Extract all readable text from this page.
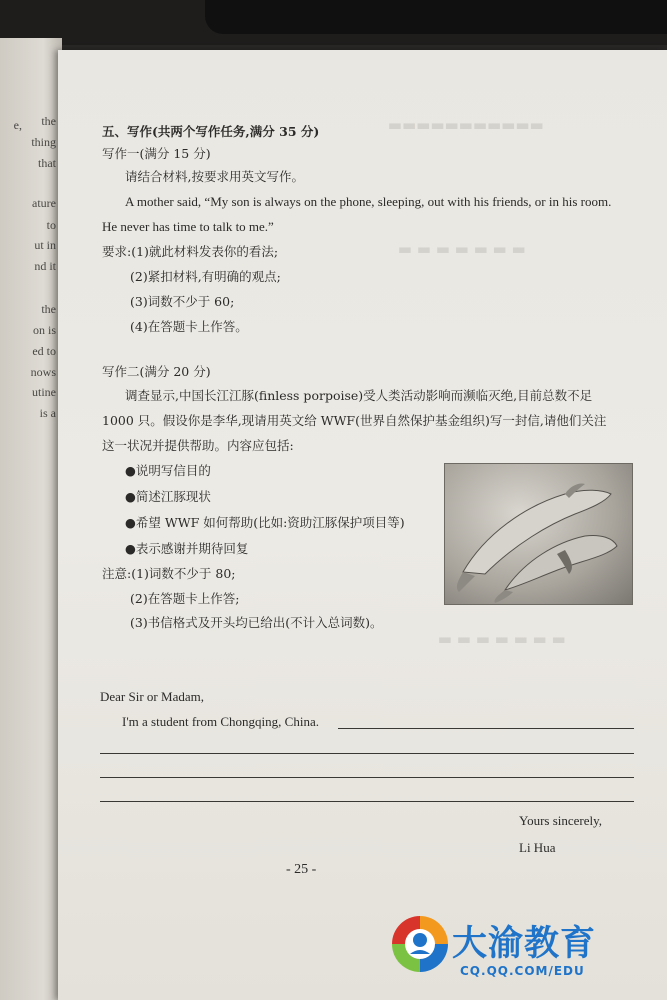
the
thing
that
ature
to
ut in
nd it
the
on is
ed to
nows
utine
is a
e,	▬▬▬▬▬▬▬▬▬▬▬
▬ ▬ ▬ ▬ ▬ ▬ ▬
▬ ▬ ▬ ▬ ▬ ▬ ▬
五、写作(共两个写作任务,满分 35 分)
写作一(满分 15 分)
请结合材料,按要求用英文写作。
A mother said, “My son is always on the phone, sleeping, out with his friends, or in his room.
He never has time to talk to me.”
要求:(1)就此材料发表你的看法;
(2)紧扣材料,有明确的观点;
(3)词数不少于 60;
(4)在答题卡上作答。
写作二(满分 20 分)
调查显示,中国长江江豚(finless porpoise)受人类活动影响而濒临灭绝,目前总数不足
1000 只。假设你是李华,现请用英文给 WWF(世界自然保护基金组织)写一封信,请他们关注
这一状况并提供帮助。内容应包括:
●说明写信目的
●简述江豚现状
●希望 WWF 如何帮助(比如:资助江豚保护项目等)
●表示感谢并期待回复
注意:(1)词数不少于 80;
(2)在答题卡上作答;
(3)书信格式及开头均已给出(不计入总词数)。
Dear Sir or Madam,
I'm a student from Chongqing, China.
Yours sincerely,
Li Hua
- 25 -
大渝教育
CQ.QQ.COM/EDU
